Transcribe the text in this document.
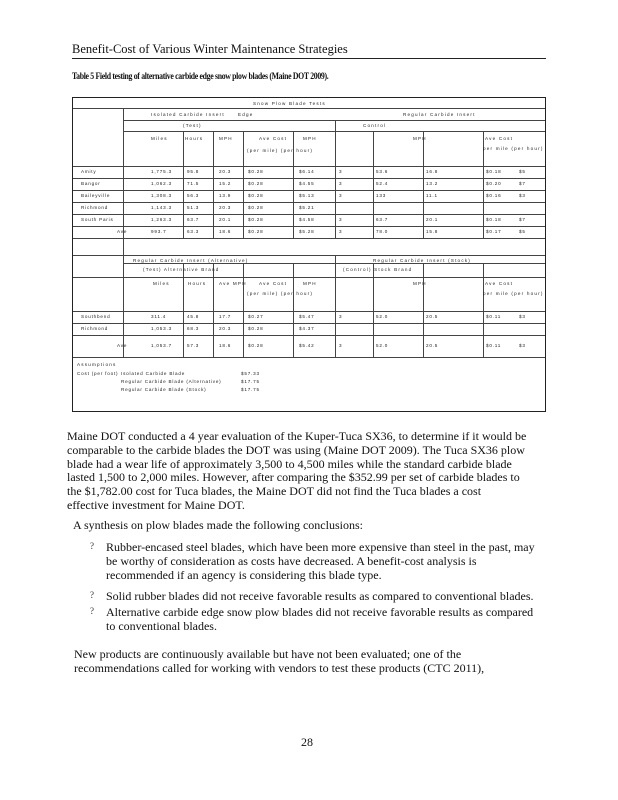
Benefit-Cost of Various Winter Maintenance Strategies
Table 5 Field testing of alternative carbide edge snow plow blades (Maine DOT 2009).
Snow Plow Blade Tests
Isolated Carbide Insert	Edge	Regular Carbide Insert
(Test)	Control
Miles	Hours	MPH	Ave Cost	MPH	MPH	Ave Cost
(per mile) (per hour)	per mile (per hour)
Amity	1,775.3	95.8	20.3	$0.28	$6.14	3	53.6	16.8	$0.18	$5
Bangor	1,062.3	71.5	15.2	$0.28	$4.55	3	52.4	13.2	$0.20	$7
Baileyville	1,308.3	56.3	13.9	$0.28	$5.13	3	133	11.1	$0.16	$3
Richmond	1,143.3	51.3	20.3	$0.28	$5.21
South Paris	1,263.3	63.7	20.1	$0.28	$4.58	3	63.7	20.1	$0.18	$7
Ave	993.7	63.3	18.6	$0.28	$5.28	3	78.0	15.8	$0.17	$5
Regular Carbide Insert (Alternative)	Regular Carbide Insert (Stock)
(Test) Alternative Brand	(Control) Stock Brand
Miles	Hours	Ave MPH	Ave Cost	MPH	MPH	Ave Cost
(per mile) (per hour)	per mile (per hour)
Southbend	311.4	45.8	17.7	$0.27	$5.47	3	52.0	20.5	$0.11	$3
Richmond	1,053.3	68.3	20.3	$0.28	$4.37
Ave	1,053.7	57.3	18.6	$0.28	$5.42	3	52.0	20.5	$0.11	$3
Assumptions
Cost (per foot) Isolated Carbide Blade	$57.33
Regular Carbide Blade (Alternative)	$17.75
Regular Carbide Blade (Stock)	$17.75
Maine DOT conducted a 4 year evaluation of the Kuper-Tuca SX36, to determine if it would be
comparable to the carbide blades the DOT was using (Maine DOT 2009). The Tuca SX36 plow
blade had a wear life of approximately 3,500 to 4,500 miles while the standard carbide blade
lasted 1,500 to 2,000 miles. However, after comparing the $352.99 per set of carbide blades to
the $1,782.00 cost for Tuca blades, the Maine DOT did not find the Tuca blades a cost
effective investment for Maine DOT.
A synthesis on plow blades made the following conclusions:
? Rubber-encased steel blades, which have been more expensive than steel in the past, may
be worthy of consideration as costs have decreased. A benefit-cost analysis is
recommended if an agency is considering this blade type.
? Solid rubber blades did not receive favorable results as compared to conventional blades.
? Alternative carbide edge snow plow blades did not receive favorable results as compared
to conventional blades.
New products are continuously available but have not been evaluated; one of the
recommendations called for working with vendors to test these products (CTC 2011),
28
